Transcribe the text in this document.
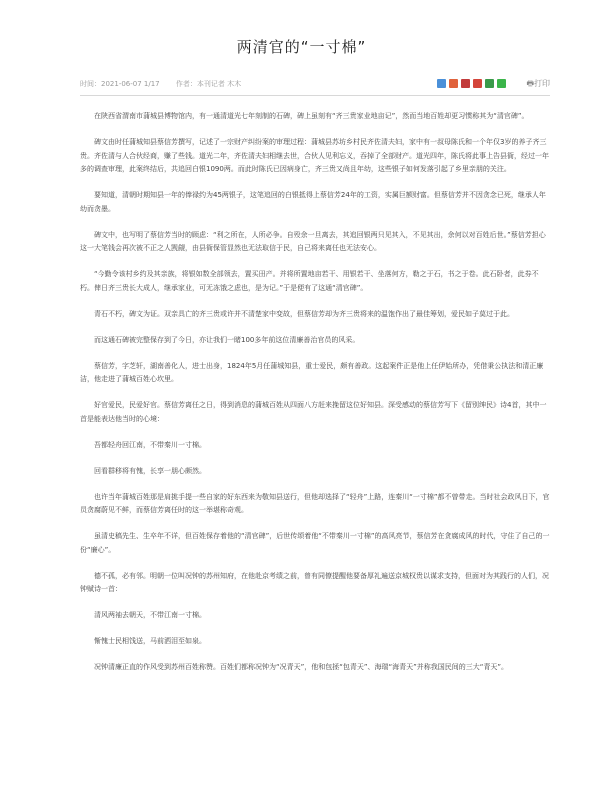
两清官的“一寸棉”
时间：2021-06-07 1/17 作者：本刊记者 木木	🖶打印

在陕西省渭南市蒲城县博物馆内，有一通清道光七年刻制的石碑，碑上虽刻有“齐三贵家业地亩记”，然而当地百姓却更习惯称其为“清官碑”。

碑文由时任蒲城知县蔡信芳撰写，记述了一宗财产纠纷案的审理过程：蒲城县苏坊乡村民齐佐清夫妇，家中有一叔母陈氏和一个年仅3岁的养子齐三贵。齐佐清与人合伙经商，赚了些钱。道光二年，齐佐清夫妇相继去世，合伙人见利忘义，吞掉了全部财产。道光四年，陈氏将此事上告县衙，经过一年多的调查审理，此案终结后，共追回白银1090两。而此时陈氏已因病身亡，齐三贵又尚且年幼，这些银子如何发落引起了乡里亲朋的关注。

要知道，清朝时期知县一年的俸禄约为45两银子，这笔追回的白银抵得上蔡信芳24年的工资，实属巨额财富。但蔡信芳并不因贪念已死，继承人年幼而贪墨。

碑文中，也写明了蔡信芳当时的顾虑：“利之所在，人所必争。自殁余一旦离去，其追回银两只见其入，不见其出，余何以对百姓后世。”蔡信芳担心这一大笔钱会再次被不正之人觊觎，由县衙保管显然也无法取信于民，自己将来离任也无法安心。

“今勤令该村乡约及其亲族，将银如数全部领去，置买田产。并将所置地亩若干、用银若干、坐落何方，勒之于石，书之于卷。此石卧者，此券不朽。俾日齐三贵长大成人，继承家业，可无冻饿之虑也，是为记。”于是便有了这通“清官碑”。

青石不朽，碑文为证。双亲具亡的齐三贵或许并不清楚家中变故，但蔡信芳却为齐三贵将来的温饱作出了最佳筹划，爱民如子莫过于此。

而这通石碑被完整保存到了今日，亦让我们一睹100多年前这位清廉善治官员的风采。

蔡信芳，字芝轩，湖南善化人，进士出身，1824年5月任蒲城知县，重士爱民，颇有善政。这起案件正是他上任伊始所办，凭借秉公执法和清正廉洁，他走进了蒲城百姓心坎里。

好官爱民，民爱好官。蔡信芳离任之日，得到消息的蒲城百姓从四面八方赶来挽留这位好知县。深受感动的蔡信芳写下《留别绅民》诗4首，其中一首是能表达他当时的心境：

吾都轻舟回江南，不带秦川一寸棉。

回看群移将有愧，长享一朋心颇然。

也许当年蒲城百姓那是肩挑手提一些自家的好东西来为敬知县送行，但他却选择了“轻舟”上路，连秦川“一寸棉”都不曾带走。当时社会政风日下，官员贪腐蔚见不鲜，而蔡信芳离任时的这一举堪称奇观。

虽清史稿先生、生卒年不详，但百姓保存着他的“清官碑”，后世传颂着他“不带秦川一寸棉”的高风亮节，蔡信芳在贪腐成风的时代，守住了自己的一份“廉心”。

德不孤，必有邻。明朝一位叫况钟的苏州知府，在他赴京考绩之前，曾有同僚提醒他要备厚礼遍送京城权贵以谋求支持，但面对为其践行的人们，况钟赋诗一首：

清风两袖去朝天，不带江南一寸棉。

惭愧士民相饯送，马前洒泪至如泉。

况钟清廉正直的作风受到苏州百姓称赞。百姓们都称况钟为“况青天”，他和包拯“包青天”、海瑞“海青天”并称我国民间的三大“青天”。
